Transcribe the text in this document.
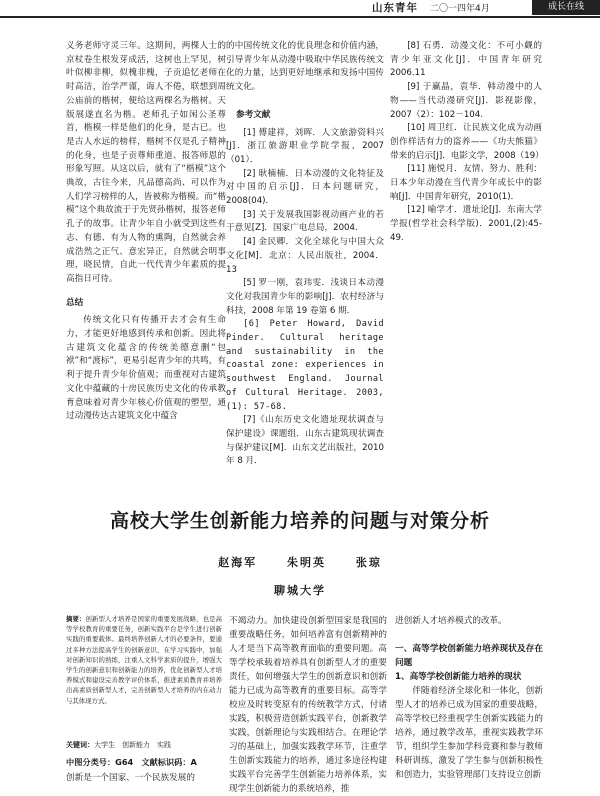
山东青年 二〇一四年4月	成长在线

义务老师守灵三年。这期间，两棵人士的京杖卷生根发芽成活，这树也上罕见，树叶似柳非柳，似槐非槐，子贡追忆老师在时高洁，治学严谨，诲人不倦，联想到周公庙前的楷树，便给这两棵名为楷树。天版展遂直名为楷。老师孔子如闲公圣尊首，楷模一样是他们的化身，是古已。也是古人水远的榜样，楷树不仅是孔子精神的化身，也是子贡尊师重道、报答师恩的形象写照。从这以后，就有了“楷模”这个典故，古往今来，凡品德高尚、可以作为人们学习榜样的人，皆被称为楷模。而“楷模”这个典故流于于先贤孙楷树，报答老师孔子的故事。让青少年自小就受到这些有志、有德、有为人物的熏陶，自然就会养成浩然之正气、意宏异正，自然就会明事理，晓民情，自此一代代青少年素质的提高指日可待。

总结

传统文化只有传播开去才会有生命力，才能更好地感到传承和创新。因此将古建筑文化蕴含的传统美德意删“包袱”和“渡标”，更易引起青少年的共鸣，有利于提升青少年价值观；而重视对古建筑文化中蕴藏的十房民族历史文化的传承教育意味着对青少年核心价值观的塑型，通过动漫传达古建筑文化中蕴含

的中国传统文化的优良理念和价值内涵，引导青少年从动漫中吸取中华民族传统文化的力量，达到更好地继承和发扬中国传统文化。

参考文献

[1] 傅建祥，刘晖．人文旅游资料兴[J]．浙江旅游职业学院学报，2007（01）．

[2] 耿楠楠．日本动漫的文化特征及对中国的启示[J]．日本问题研究，2008(04)．

[3] 关于发展我国影视动画产业的若干意见[Z]．国家广电总局，2004．

[4] 金民卿．文化全球化与中国大众文化[M]．北京：人民出版社，2004．13

[5] 罗一刚，袁玮雯．浅谈日本动漫文化对我国青少年的影响[J]．农村经济与科技，2008 年第 19 卷第 6 期．

[6] Peter Howard, David Pinder. Cultural heritage and sustainability in the coastal zone: experiences in southwest England. Journal of Cultural Heritage. 2003, (1): 57-68.

[7]《山东历史文化遗址现状调查与保护建设》课题组．山东古建筑现状调查与保护建议[M]．山东文艺出版社，2010 年 8 月．

[8] 石勇．动漫文化：不可小觑的青少年亚文化[J]．中国青年研究 2006.11

[9] 于赢晶，袁华．韩动漫中的人物——当代动漫研究[J]．影视影像，2007（2）：102－104.

[10] 周卫红．让民族文化成为动画创作样活有力的盗养——《功夫熊猫》带来的启示[J]．电影文学，2008（19）

[11] 施悦月．友情、努力、胜利：日本少年动漫在当代青少年成长中的影响[J]．中国青年研究，2010(1)．

[12] 喻学才．遗址论[J]．东南大学学报(哲学社会科学版)．2001,(2):45-49.

高校大学生创新能力培养的问题与对策分析
赵海军	朱明英	张琼
聊城大学
摘要：创新型人才培养是国家的重要发展战略，也是高等学校教育的重要任务，创新实践平台是学生进行创新实践的重要载体。最终培养创新人才的必要条件，要通过多种方法提高学生的创新意识，在学习实践中，加强对创新知识的熟练，注重人文科学素质的提升，增强大学生的创新意识和创新能力的培养，优化创新型人才培养模式和建设完善教学评价体系，推进素质教育并培养出高素质创新型人才，完善创新型人才培养的内在动力与其体现方式。
关键词：大学生　创新能力　实践
中图分类号：G64　文献标识码：A
创新是一个国家、一个民族发展的

不竭动力。加快建设创新型国家是我国的重要战略任务，如何培养富有创新精神的人才是当下高等教育面临的重要问题。高等学校承载着培养具有创新型人才的重要责任，如何增强大学生的创新意识和创新能力已成为高等教育的重要目标。高等学校应及时转变原有的传统教学方式，付诸实践，积极营造创新实践平台，创新教学实践，创新理论与实践相结合。在理论学习的基础上，加强实践教学环节，注重学生创新实践能力的培养，通过多途径构建实践平台完善学生创新能力培养体系，实现学生创新能力的系统培养，推

进创新人才培养模式的改革。

一、高等学校创新能力培养现状及存在问题

1、高等学校创新能力培养的现状

伴随着经济全球化和一体化，创新型人才的培养已成为国家的重要战略，高等学校已经重视学生创新实践能力的培养，通过教学改革，重视实践教学环节，组织学生参加学科竞赛和参与教师科研训练，激发了学生参与创新积极性和创造力，实验管理部门支持设立创新
